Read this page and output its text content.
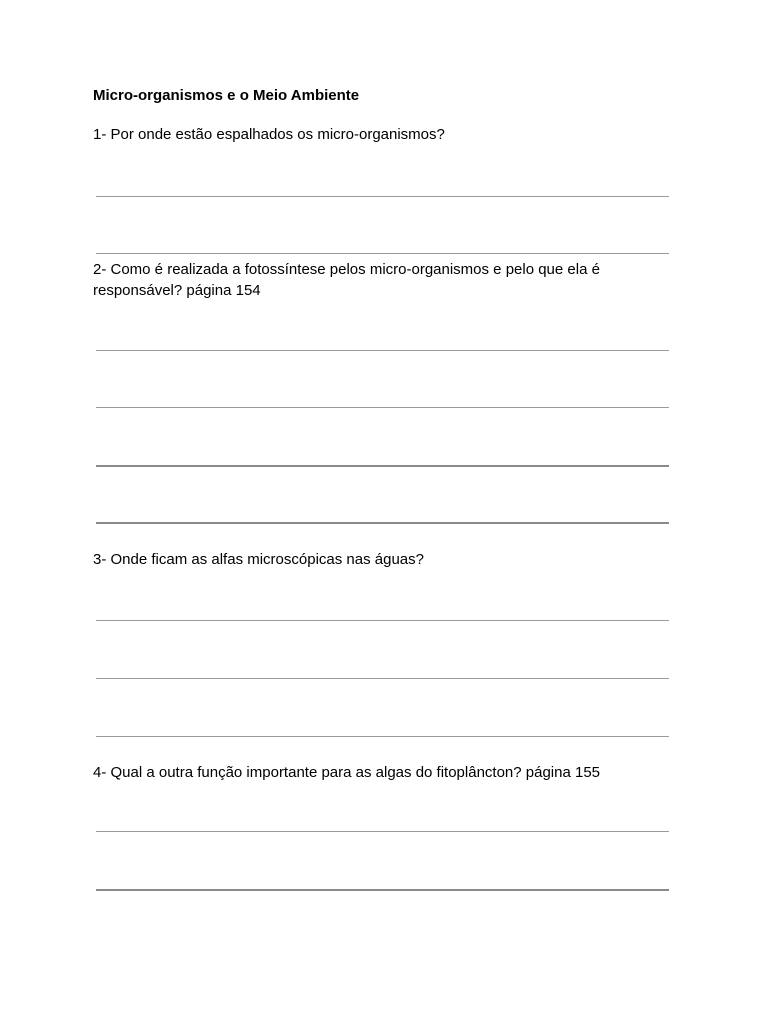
Micro-organismos e o Meio Ambiente
1- Por onde estão espalhados os micro-organismos?
2- Como é realizada a fotossíntese pelos micro-organismos e pelo que ela é
responsável? página 154
3- Onde ficam as alfas microscópicas nas águas?
4- Qual a outra função importante para as algas do fitoplâncton? página 155
